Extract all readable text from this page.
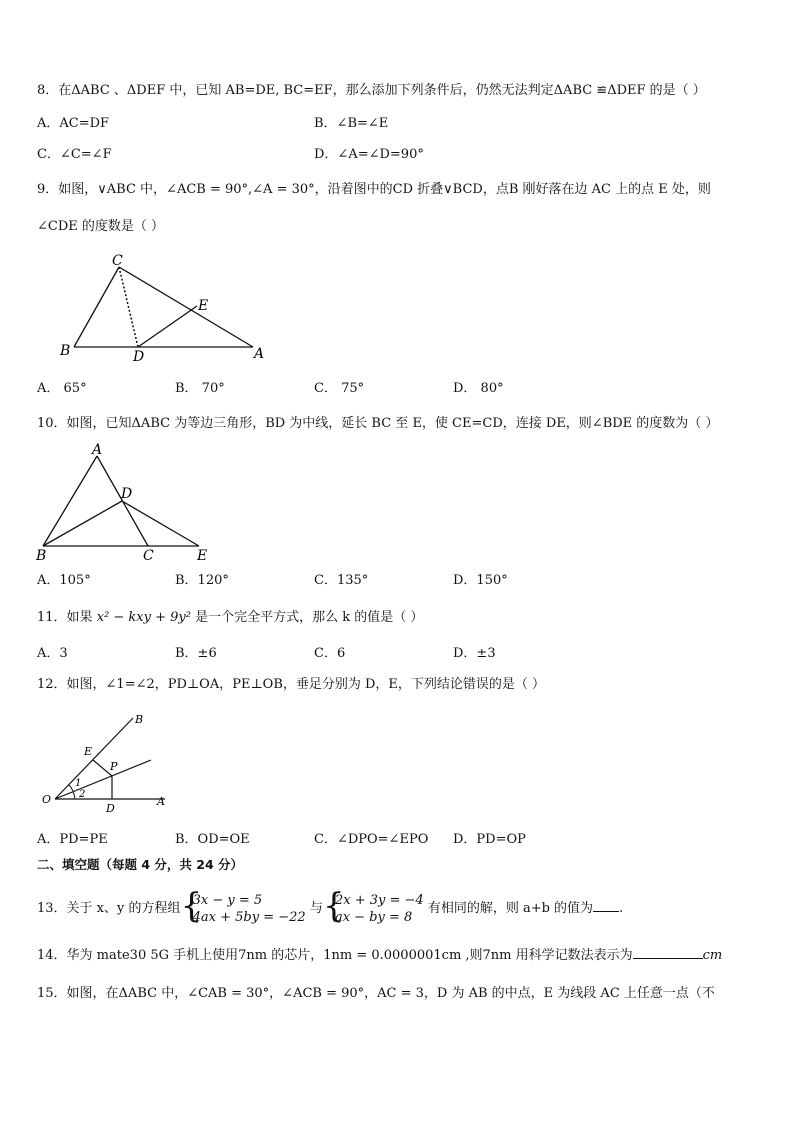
8．在ΔABC 、ΔDEF 中，已知 AB=DE, BC=EF，那么添加下列条件后，仍然无法判定ΔABC ≌ΔDEF 的是（ ）
A．AC=DF	B．∠B=∠E
C．∠C=∠F	D．∠A=∠D=90°
9．如图，∨ABC 中，∠ACB = 90°,∠A = 30°，沿着图中的CD 折叠∨BCD，点B 刚好落在边 AC 上的点 E 处，则
∠CDE 的度数是（ ）
C
E
B	D	A
A． 65°	B． 70°	C． 75°	D． 80°
10．如图，已知ΔABC 为等边三角形，BD 为中线，延长 BC 至 E，使 CE=CD，连接 DE，则∠BDE 的度数为（ ）
A
D
B	C	E
A．105°	B．120°	C．135°	D．150°
11．如果 x² − kxy + 9y² 是一个完全平方式，那么 k 的值是（ ）
A．3	B．±6	C．6	D．±3
12．如图，∠1=∠2，PD⊥OA，PE⊥OB，垂足分别为 D，E，下列结论错误的是（ ）
B
E
P
O
D
A
1
2
A．PD=PE	B．OD=OE	C．∠DPO=∠EPO D．PD=OP
二、填空题（每题 4 分，共 24 分）
13．关于 x、y 的方程组
{ 3x − y = 5
4ax + 5by = −22
与
{ 2x + 3y = −4
ax − by = 8
有相同的解，则 a+b 的值为 .
14．华为 mate30 5G 手机上使用7nm 的芯片，1nm = 0.0000001cm ,则7nm 用科学记数法表示为	cm
15．如图，在ΔABC 中，∠CAB = 30°，∠ACB = 90°，AC = 3，D 为 AB 的中点，E 为线段 AC 上任意一点（不
